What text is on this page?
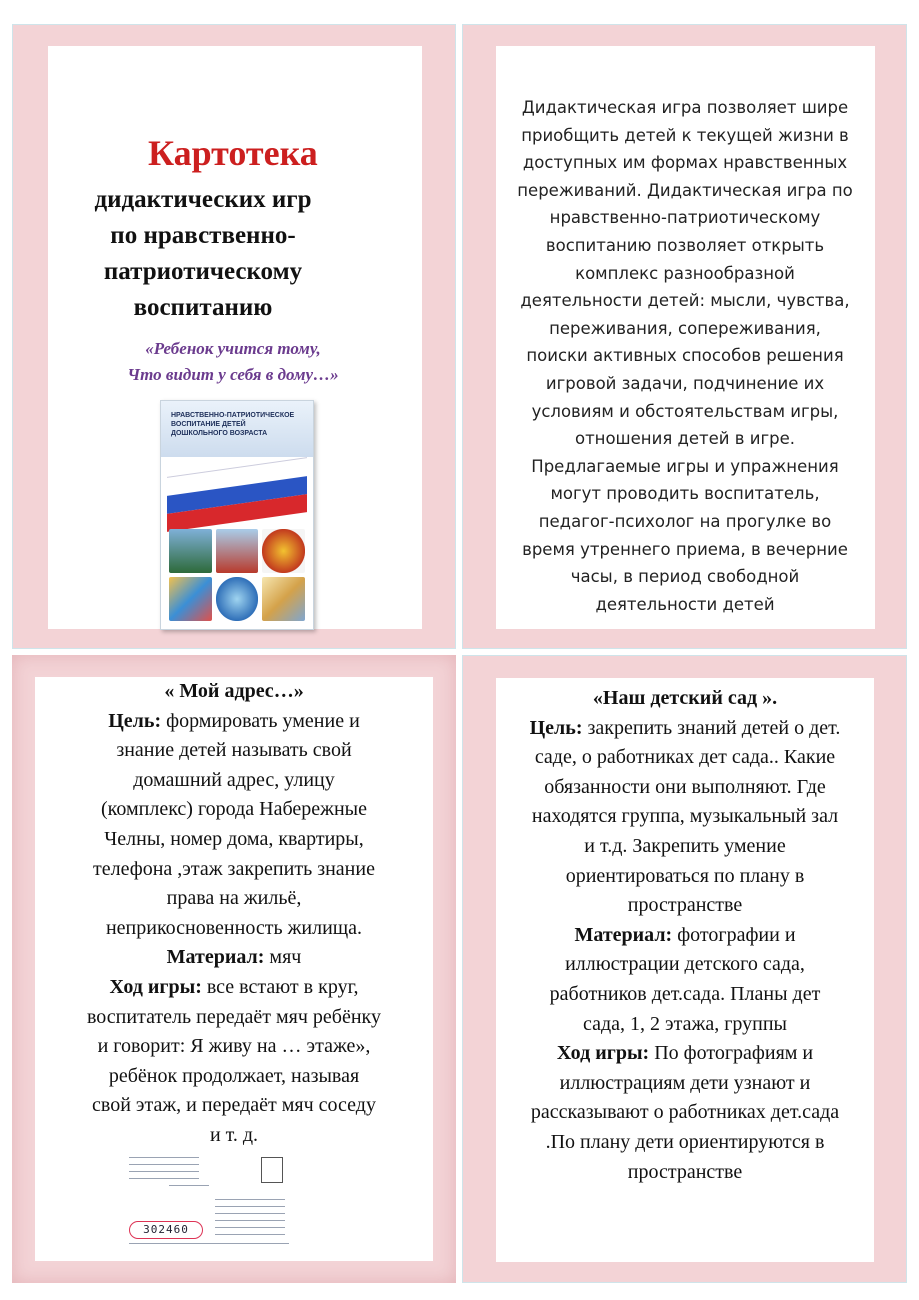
Картотека
дидактических игр
по нравственно-
патриотическому
воспитанию
«Ребенок учится тому,
Что видит у себя в дому…»
НРАВСТВЕННО-ПАТРИОТИЧЕСКОЕ
ВОСПИТАНИЕ ДЕТЕЙ
ДОШКОЛЬНОГО ВОЗРАСТА
Дидактическая игра позволяет шире
приобщить детей к текущей жизни в
доступных им формах нравственных
переживаний. Дидактическая игра по
нравственно-патриотическому
воспитанию позволяет открыть
комплекс разнообразной
деятельности детей: мысли, чувства,
переживания, сопереживания,
поиски активных способов решения
игровой задачи, подчинение их
условиям и обстоятельствам игры,
отношения детей в игре.
Предлагаемые игры и упражнения
могут проводить воспитатель,
педагог-психолог на прогулке во
время утреннего приема, в вечерние
часы, в период свободной
деятельности детей
« Мой адрес…»
Цель: формировать умение и
знание детей называть свой
домашний адрес, улицу
(комплекс) города Набережные
Челны, номер дома, квартиры,
телефона ,этаж закрепить знание
права на жильё,
неприкосновенность жилища.
Материал: мяч
Ход игры: все встают в круг,
воспитатель передаёт мяч ребёнку
и говорит: Я живу на … этаже»,
ребёнок продолжает, называя
свой этаж, и передаёт мяч соседу
и т. д.
302460
«Наш детский сад ».
Цель: закрепить знаний детей о дет.
саде, о работниках дет сада.. Какие
обязанности они выполняют. Где
находятся группа, музыкальный зал
и т.д. Закрепить умение
ориентироваться по плану в
пространстве
Материал: фотографии и
иллюстрации детского сада,
работников дет.сада. Планы дет
сада, 1, 2 этажа, группы
Ход игры: По фотографиям и
иллюстрациям дети узнают и
рассказывают о работниках дет.сада
.По плану дети ориентируются в
пространстве
